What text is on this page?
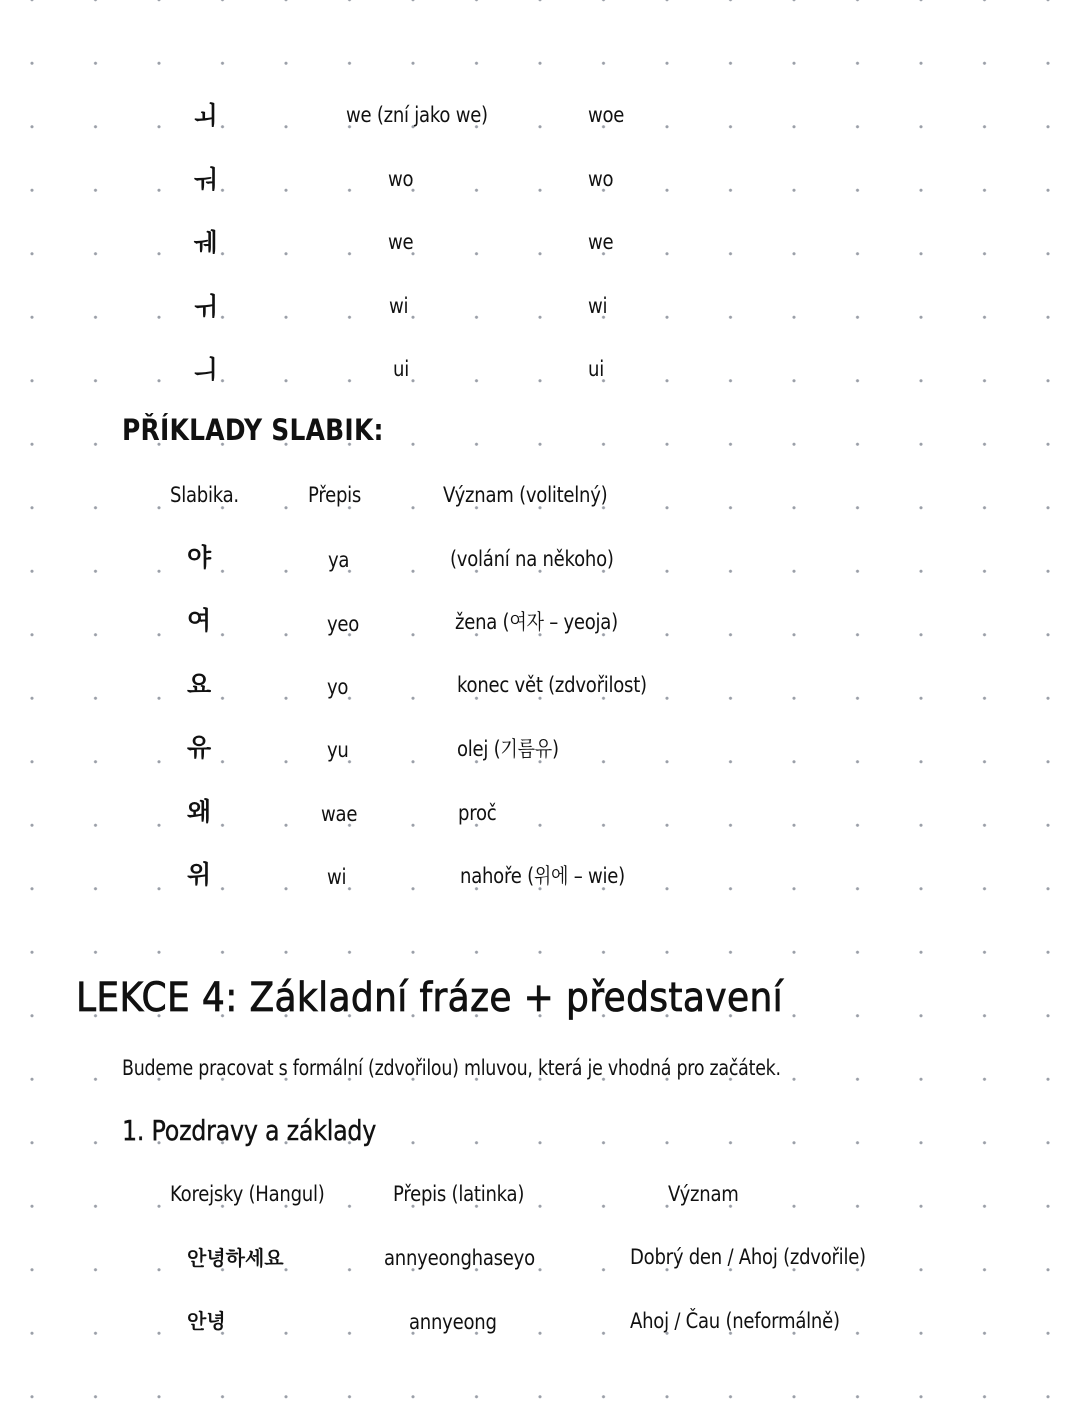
ㅚ	we (zní jako we)	woe
ㅝ	wo	wo
ㅞ	we	we
ㅟ	wi	wi
ㅢ	ui	ui
PŘÍKLADY SLABIK:
Slabika.	Přepis	Význam (volitelný)
야	ya	(volání na někoho)
여	yeo	žena (여자 – yeoja)
요	yo	konec vět (zdvořilost)
유	yu	olej (기름유)
왜	wae	proč
위	wi	nahoře (위에 – wie)
LEKCE 4: Základní fráze + představení

Budeme pracovat s formální (zdvořilou) mluvou, která je vhodná pro začátek.

1. Pozdravy a základy
Korejsky (Hangul)	Přepis (latinka)	Význam
안녕하세요	annyeonghaseyo	Dobrý den / Ahoj (zdvořile)
안녕	annyeong	Ahoj / Čau (neformálně)
